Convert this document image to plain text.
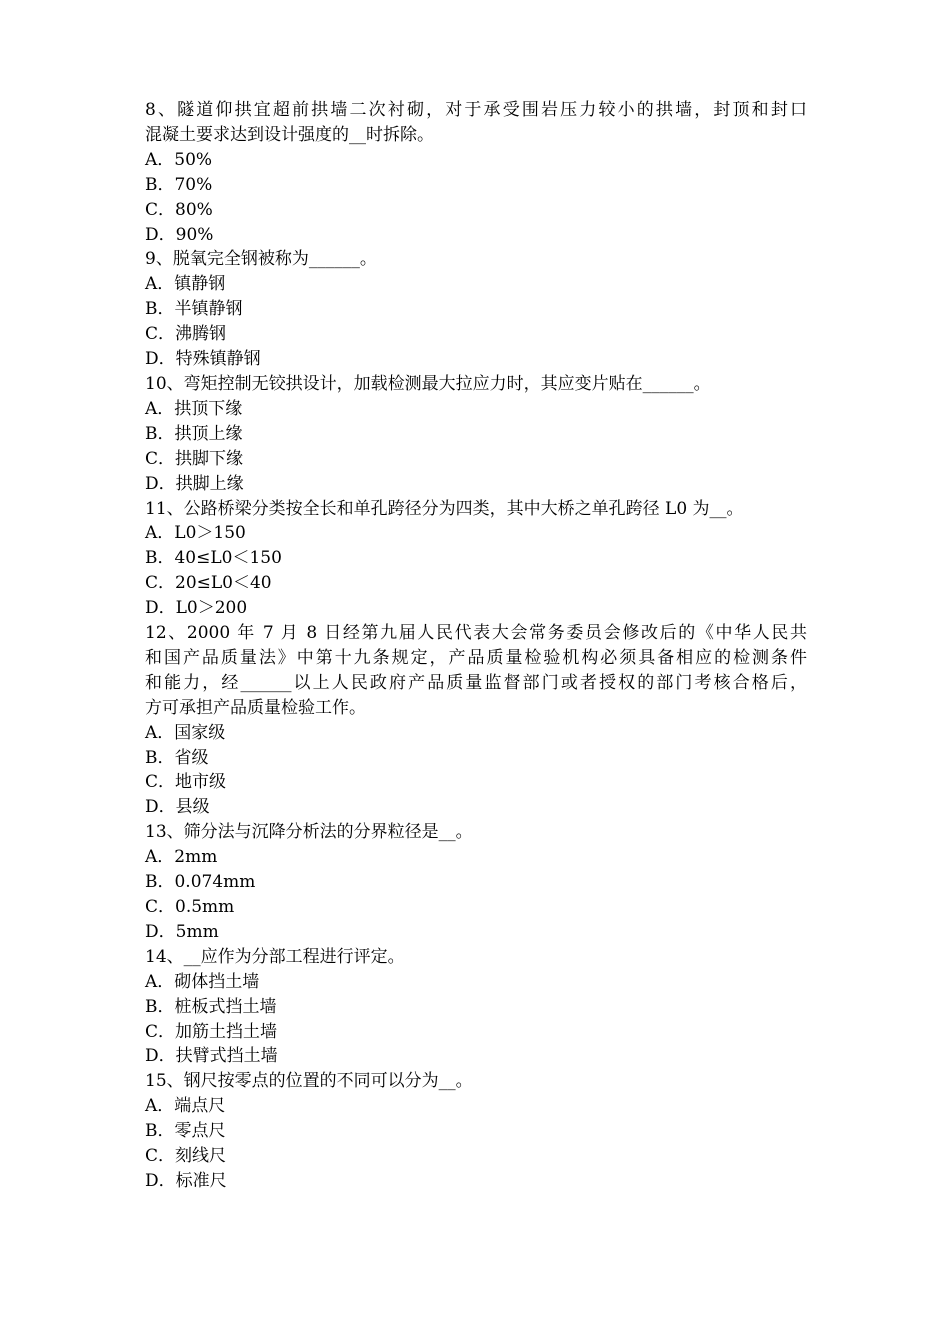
8、隧道仰拱宜超前拱墙二次衬砌，对于承受围岩压力较小的拱墙，封顶和封口
混凝土要求达到设计强度的__时拆除。
A．50%
B．70%
C．80%
D．90%
9、脱氧完全钢被称为______。
A．镇静钢
B．半镇静钢
C．沸腾钢
D．特殊镇静钢
10、弯矩控制无铰拱设计，加载检测最大拉应力时，其应变片贴在______。
A．拱顶下缘
B．拱顶上缘
C．拱脚下缘
D．拱脚上缘
11、公路桥梁分类按全长和单孔跨径分为四类，其中大桥之单孔跨径 L0 为__。
A．L0＞150
B．40≤L0＜150
C．20≤L0＜40
D．L0＞200
12、2000 年 7 月 8 日经第九届人民代表大会常务委员会修改后的《中华人民共
和国产品质量法》中第十九条规定，产品质量检验机构必须具备相应的检测条件
和能力，经______以上人民政府产品质量监督部门或者授权的部门考核合格后，
方可承担产品质量检验工作。
A．国家级
B．省级
C．地市级
D．县级
13、筛分法与沉降分析法的分界粒径是__。
A．2mm
B．0.074mm
C．0.5mm
D．5mm
14、__应作为分部工程进行评定。
A．砌体挡土墙
B．桩板式挡土墙
C．加筋土挡土墙
D．扶臂式挡土墙
15、钢尺按零点的位置的不同可以分为__。
A．端点尺
B．零点尺
C．刻线尺
D．标准尺
